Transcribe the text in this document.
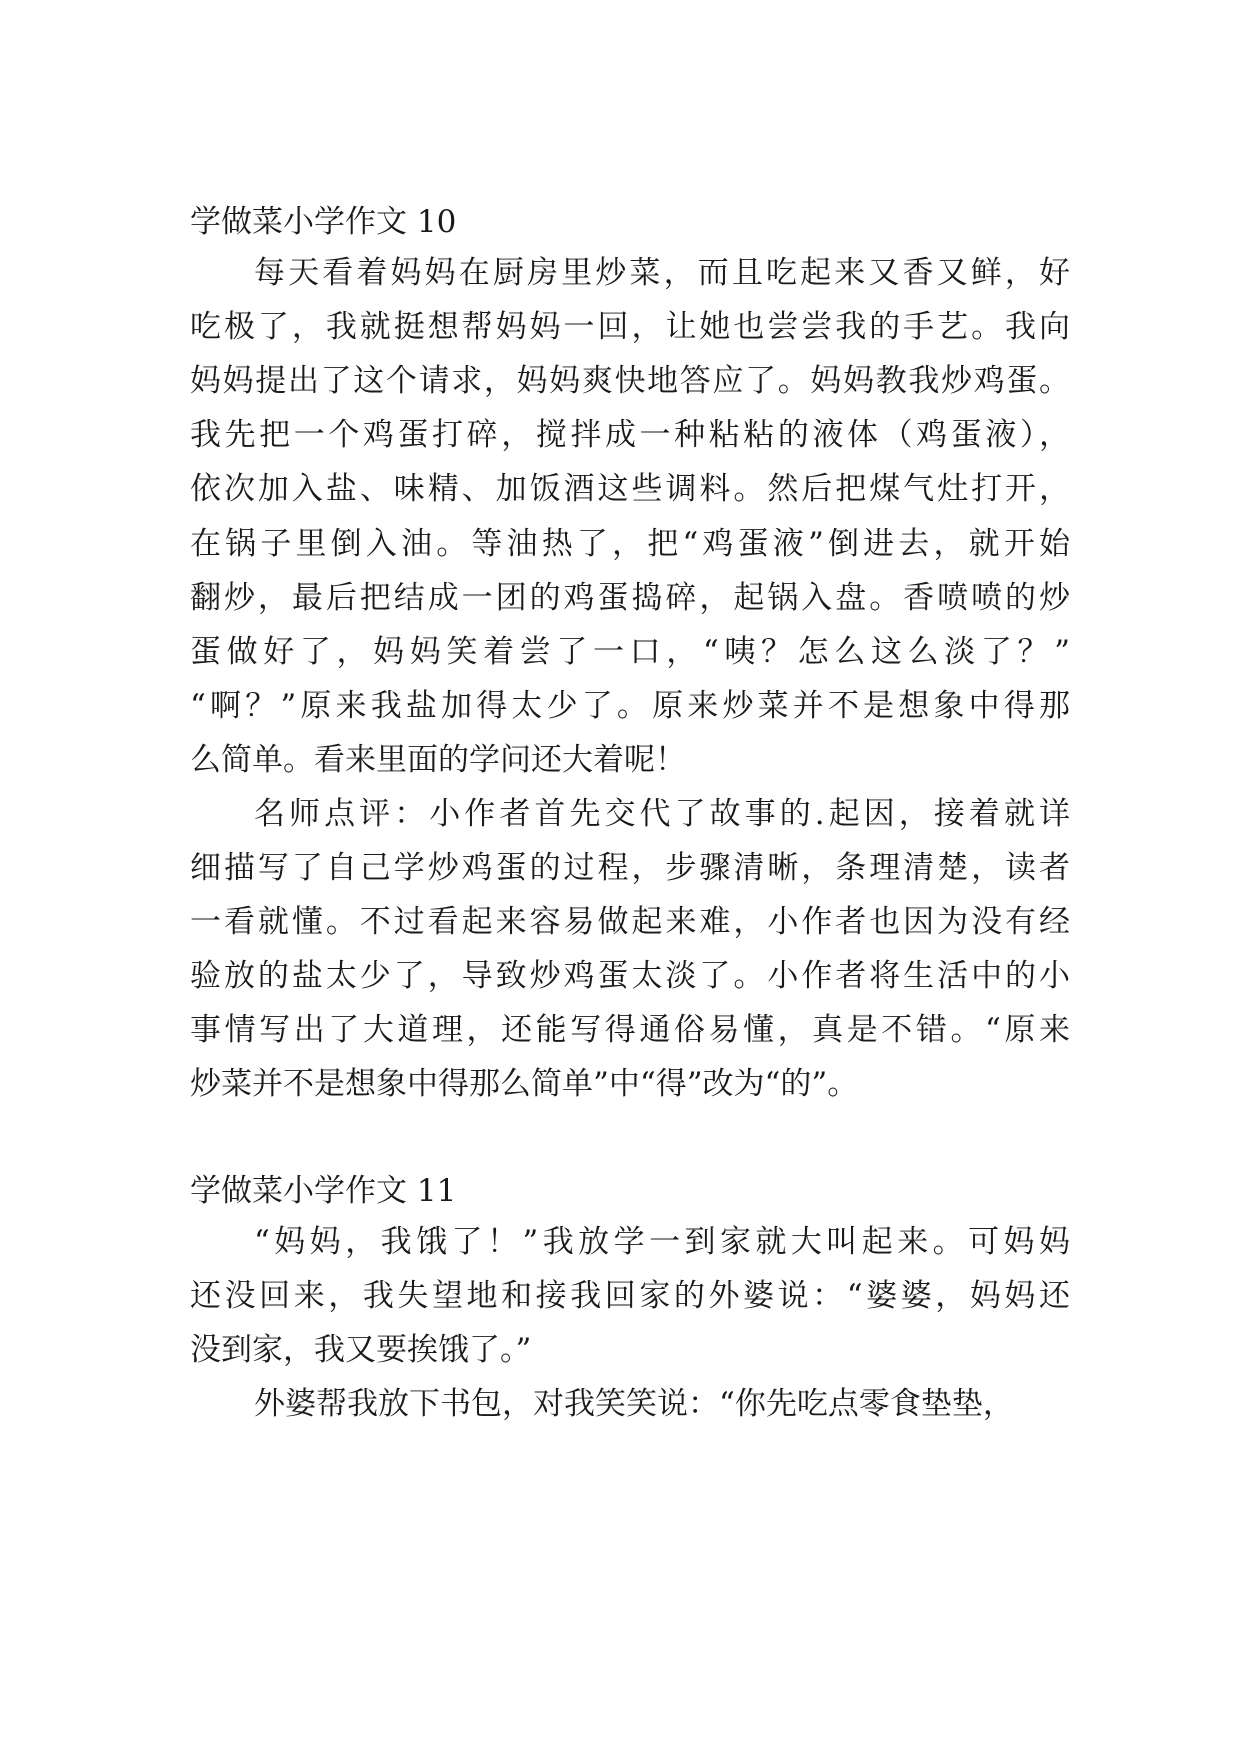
学做菜小学作文 10
每天看着妈妈在厨房里炒菜，而且吃起来又香又鲜，好
吃极了，我就挺想帮妈妈一回，让她也尝尝我的手艺。我向
妈妈提出了这个请求，妈妈爽快地答应了。妈妈教我炒鸡蛋。
我先把一个鸡蛋打碎，搅拌成一种粘粘的液体（鸡蛋液），
依次加入盐、味精、加饭酒这些调料。然后把煤气灶打开，
在锅子里倒入油。等油热了，把“鸡蛋液”倒进去，就开始
翻炒，最后把结成一团的鸡蛋捣碎，起锅入盘。香喷喷的炒
蛋做好了，妈妈笑着尝了一口，“咦？怎么这么淡了？”
“啊？”原来我盐加得太少了。原来炒菜并不是想象中得那
么简单。看来里面的学问还大着呢！
名师点评：小作者首先交代了故事的.起因，接着就详
细描写了自己学炒鸡蛋的过程，步骤清晰，条理清楚，读者
一看就懂。不过看起来容易做起来难，小作者也因为没有经
验放的盐太少了，导致炒鸡蛋太淡了。小作者将生活中的小
事情写出了大道理，还能写得通俗易懂，真是不错。“原来
炒菜并不是想象中得那么简单”中“得”改为“的”。
学做菜小学作文 11
“妈妈，我饿了！”我放学一到家就大叫起来。可妈妈
还没回来，我失望地和接我回家的外婆说：“婆婆，妈妈还
没到家，我又要挨饿了。”
外婆帮我放下书包，对我笑笑说：“你先吃点零食垫垫，
